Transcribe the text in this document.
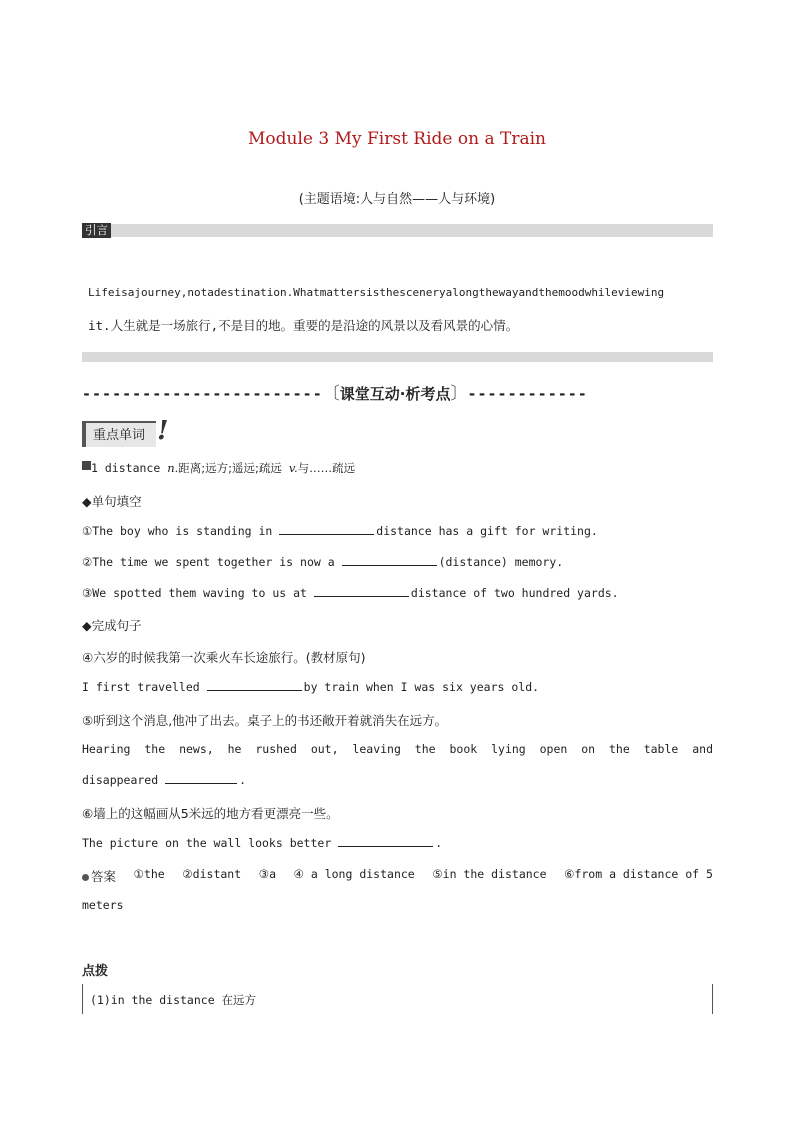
Module 3 My First Ride on a Train
(主题语境:人与自然——人与环境)
引言
Lifeisajourney,notadestination.Whatmattersisthesceneryalongthewayandthemoodwhileviewing
it.人生就是一场旅行,不是目的地。重要的是沿途的风景以及看风景的心情。
------------------------〔课堂互动·析考点〕------------
重点单词 !
1 distance n.距离;远方;遥远;疏远 v.与……疏远
◆单句填空
①The boy who is standing in	distance has a gift for writing.
②The time we spent together is now a	(distance) memory.
③We spotted them waving to us at	distance of two hundred yards.
◆完成句子
④六岁的时候我第一次乘火车长途旅行。(教材原句)
I first travelled	by train when I was six years old.
⑤听到这个消息,他冲了出去。桌子上的书还敞开着就消失在远方。
Hearing the news, he rushed out, leaving the book lying open on the table and
disappeared	.
⑥墙上的这幅画从5米远的地方看更漂亮一些。
The picture on the wall looks better	.
答案 ①the ②distant ③a ④ a long distance ⑤in the distance ⑥from a distance of 5
meters
点拨
(1)in the distance 在远方
